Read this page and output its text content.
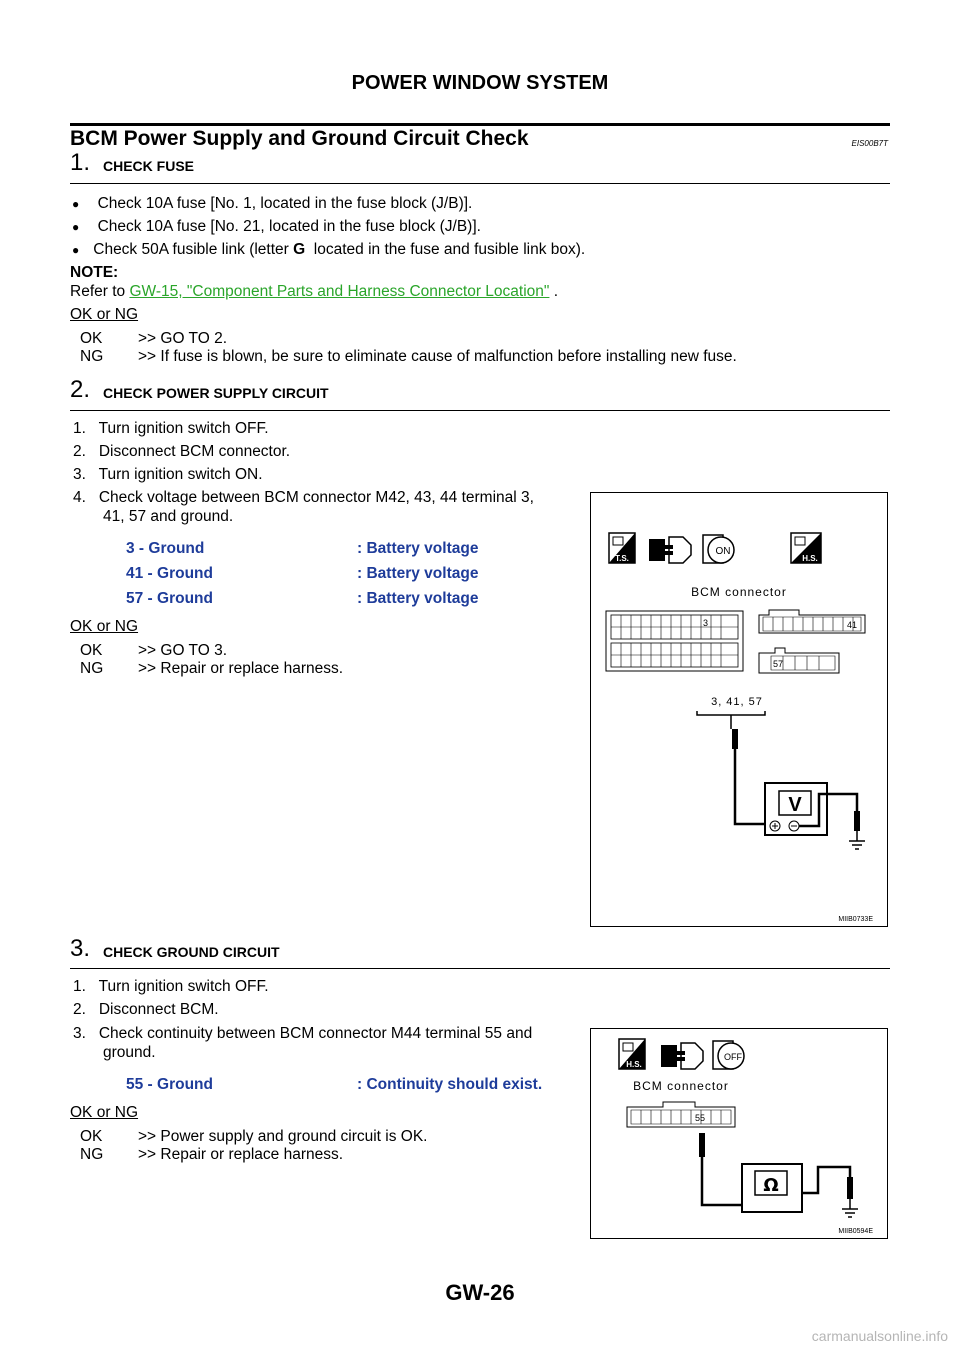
POWER WINDOW SYSTEM
BCM Power Supply and Ground Circuit Check	EIS00B7T
1. CHECK FUSE
● Check 10A fuse [No. 1, located in the fuse block (J/B)].
● Check 10A fuse [No. 21, located in the fuse block (J/B)].
● Check 50A fusible link (letter G  located in the fuse and fusible link box).
NOTE:
Refer to GW-15, "Component Parts and Harness Connector Location" .
OK or NG
OK >> GO TO 2.
NG >> If fuse is blown, be sure to eliminate cause of malfunction before installing new fuse.
2. CHECK POWER SUPPLY CIRCUIT
1.   Turn ignition switch OFF.
2.   Disconnect BCM connector.
3.   Turn ignition switch ON.
4.   Check voltage between BCM connector M42, 43, 44 terminal 3,
41, 57 and ground.
3 - Ground	: Battery voltage
41 - Ground	: Battery voltage
57 - Ground	: Battery voltage
OK or NG
OK >> GO TO 3.
NG >> Repair or replace harness.
T.S.
ON
H.S.
BCM connector
3	41
57
3, 41, 57
V
MIIB0733E
3. CHECK GROUND CIRCUIT
1.   Turn ignition switch OFF.
2.   Disconnect BCM.
3.   Check continuity between BCM connector M44 terminal 55 and
ground.
55 - Ground	: Continuity should exist.
OK or NG
OK >> Power supply and ground circuit is OK.
NG >> Repair or replace harness.
H.S.
OFF
BCM connector
55
Ω
MIIB0594E
GW-26
carmanualsonline.info
